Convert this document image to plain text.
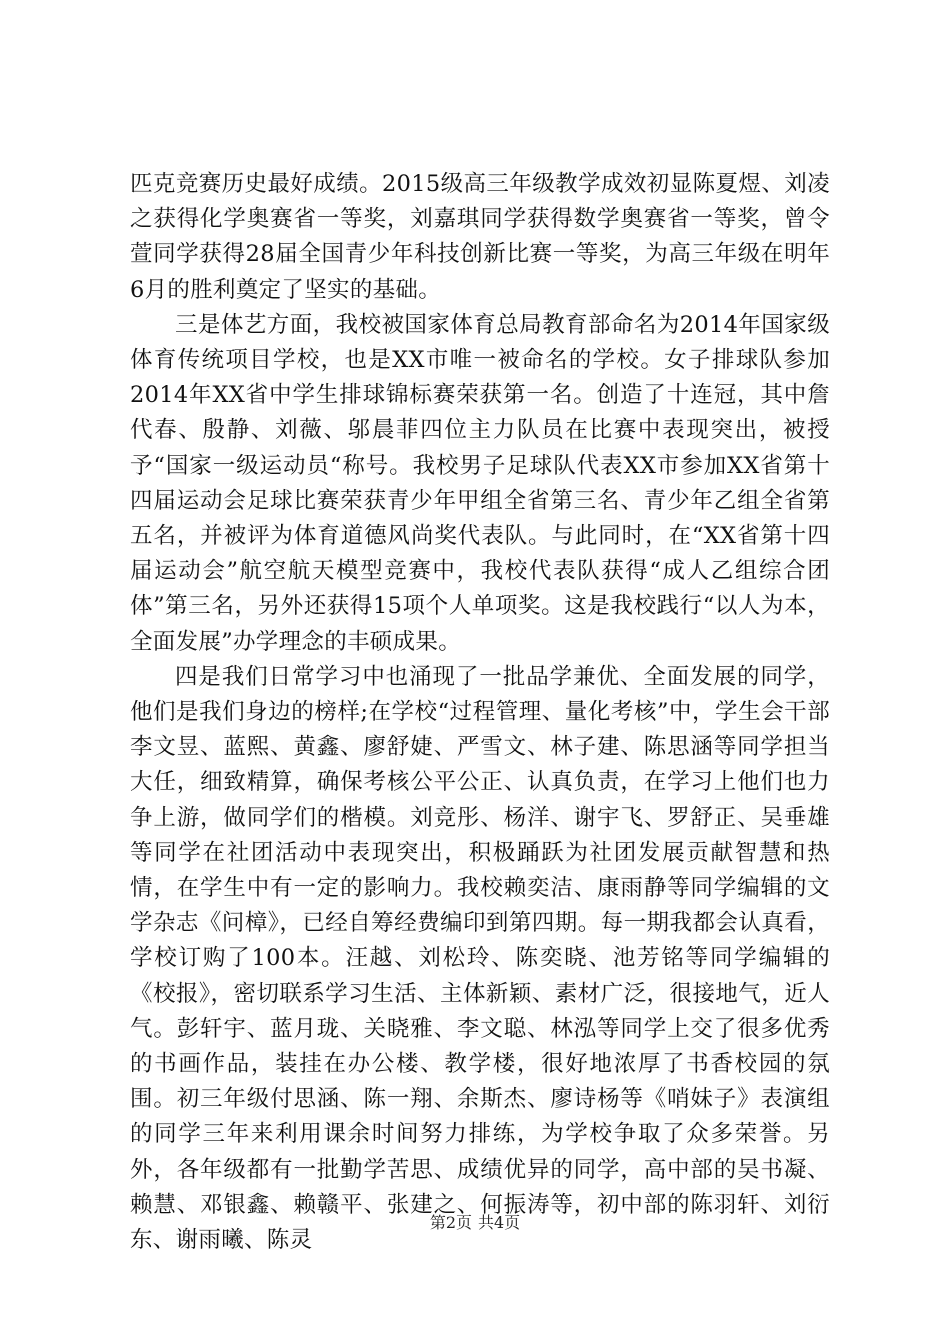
匹克竞赛历史最好成绩。2015级高三年级教学成效初显陈夏煜、刘凌之获得化学奥赛省一等奖，刘嘉琪同学获得数学奥赛省一等奖，曾令萱同学获得28届全国青少年科技创新比赛一等奖，为高三年级在明年6月的胜利奠定了坚实的基础。

三是体艺方面，我校被国家体育总局教育部命名为2014年国家级体育传统项目学校，也是XX市唯一被命名的学校。女子排球队参加2014年XX省中学生排球锦标赛荣获第一名。创造了十连冠，其中詹代春、殷静、刘薇、邬晨菲四位主力队员在比赛中表现突出，被授予“国家一级运动员“称号。我校男子足球队代表XX市参加XX省第十四届运动会足球比赛荣获青少年甲组全省第三名、青少年乙组全省第五名，并被评为体育道德风尚奖代表队。与此同时，在“XX省第十四届运动会”航空航天模型竞赛中，我校代表队获得“成人乙组综合团体”第三名，另外还获得15项个人单项奖。这是我校践行“以人为本，全面发展”办学理念的丰硕成果。

四是我们日常学习中也涌现了一批品学兼优、全面发展的同学，他们是我们身边的榜样;在学校“过程管理、量化考核”中，学生会干部李文昱、蓝熙、黄鑫、廖舒婕、严雪文、林子建、陈思涵等同学担当大任，细致精算，确保考核公平公正、认真负责，在学习上他们也力争上游，做同学们的楷模。刘竞彤、杨洋、谢宇飞、罗舒正、吴垂雄等同学在社团活动中表现突出，积极踊跃为社团发展贡献智慧和热情，在学生中有一定的影响力。我校赖奕洁、康雨静等同学编辑的文学杂志《问樟》，已经自筹经费编印到第四期。每一期我都会认真看，学校订购了100本。汪越、刘松玲、陈奕晓、池芳铭等同学编辑的《校报》，密切联系学习生活、主体新颖、素材广泛，很接地气，近人气。彭轩宇、蓝月珑、关晓雅、李文聪、林泓等同学上交了很多优秀的书画作品，装挂在办公楼、教学楼，很好地浓厚了书香校园的氛围。初三年级付思涵、陈一翔、余斯杰、廖诗杨等《哨妹子》表演组的同学三年来利用课余时间努力排练，为学校争取了众多荣誉。另外，各年级都有一批勤学苦思、成绩优异的同学，高中部的吴书凝、赖慧、邓银鑫、赖赣平、张建之、何振涛等，初中部的陈羽轩、刘衍东、谢雨曦、陈灵

第2页 共4页
